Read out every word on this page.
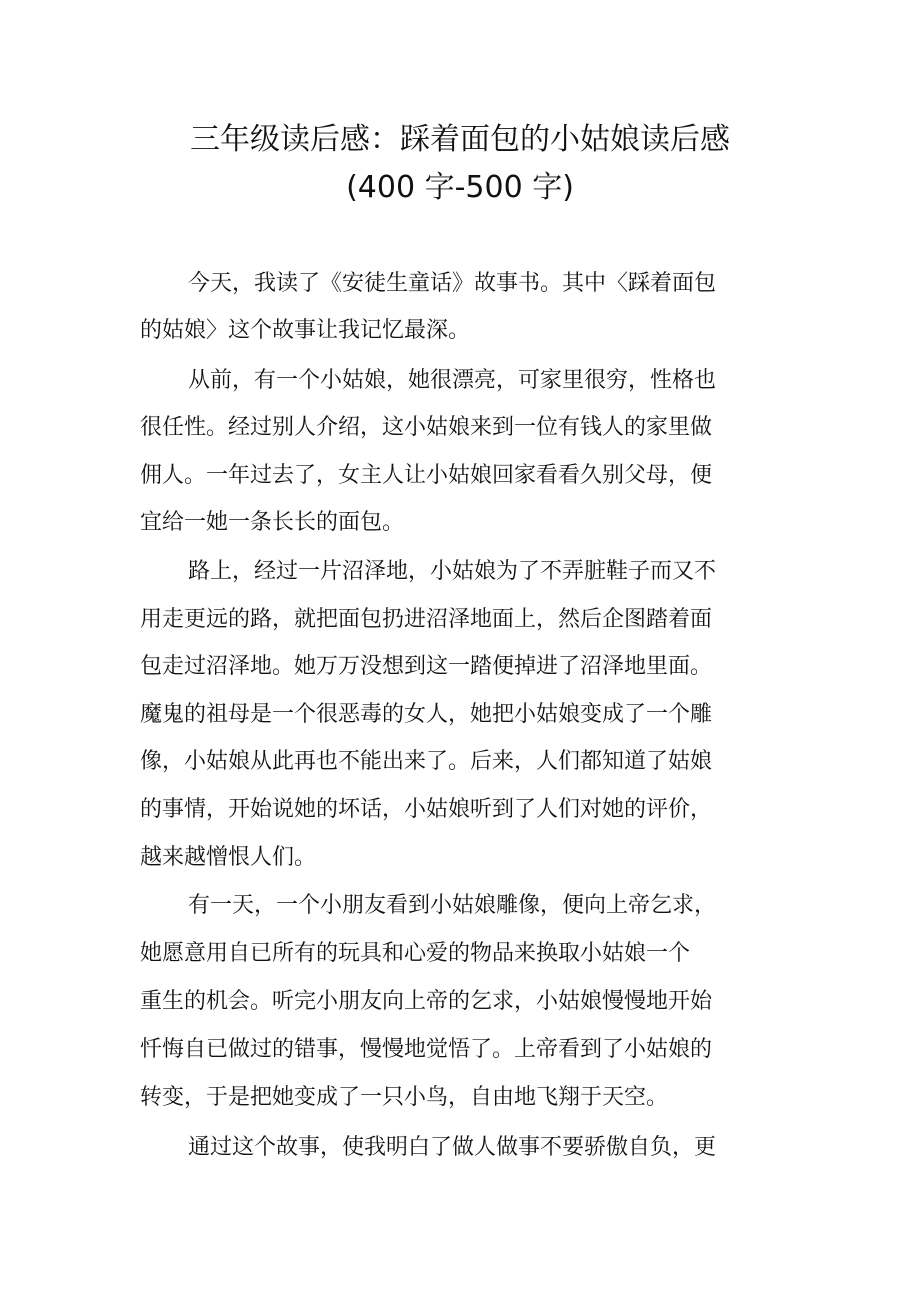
三年级读后感：踩着面包的小姑娘读后感
(400 字-500 字)
今天，我读了《安徒生童话》故事书。其中〈踩着面包
的姑娘〉这个故事让我记忆最深。
从前，有一个小姑娘，她很漂亮，可家里很穷，性格也
很任性。经过别人介绍，这小姑娘来到一位有钱人的家里做
佣人。一年过去了，女主人让小姑娘回家看看久别父母，便
宜给一她一条长长的面包。
路上，经过一片沼泽地，小姑娘为了不弄脏鞋子而又不
用走更远的路，就把面包扔进沼泽地面上，然后企图踏着面
包走过沼泽地。她万万没想到这一踏便掉进了沼泽地里面。
魔鬼的祖母是一个很恶毒的女人，她把小姑娘变成了一个雕
像，小姑娘从此再也不能出来了。后来，人们都知道了姑娘
的事情，开始说她的坏话，小姑娘听到了人们对她的评价，
越来越憎恨人们。
有一天，一个小朋友看到小姑娘雕像，便向上帝乞求，
她愿意用自已所有的玩具和心爱的物品来换取小姑娘一个
重生的机会。听完小朋友向上帝的乞求，小姑娘慢慢地开始
忏悔自已做过的错事，慢慢地觉悟了。上帝看到了小姑娘的
转变，于是把她变成了一只小鸟，自由地飞翔于天空。
通过这个故事，使我明白了做人做事不要骄傲自负，更
